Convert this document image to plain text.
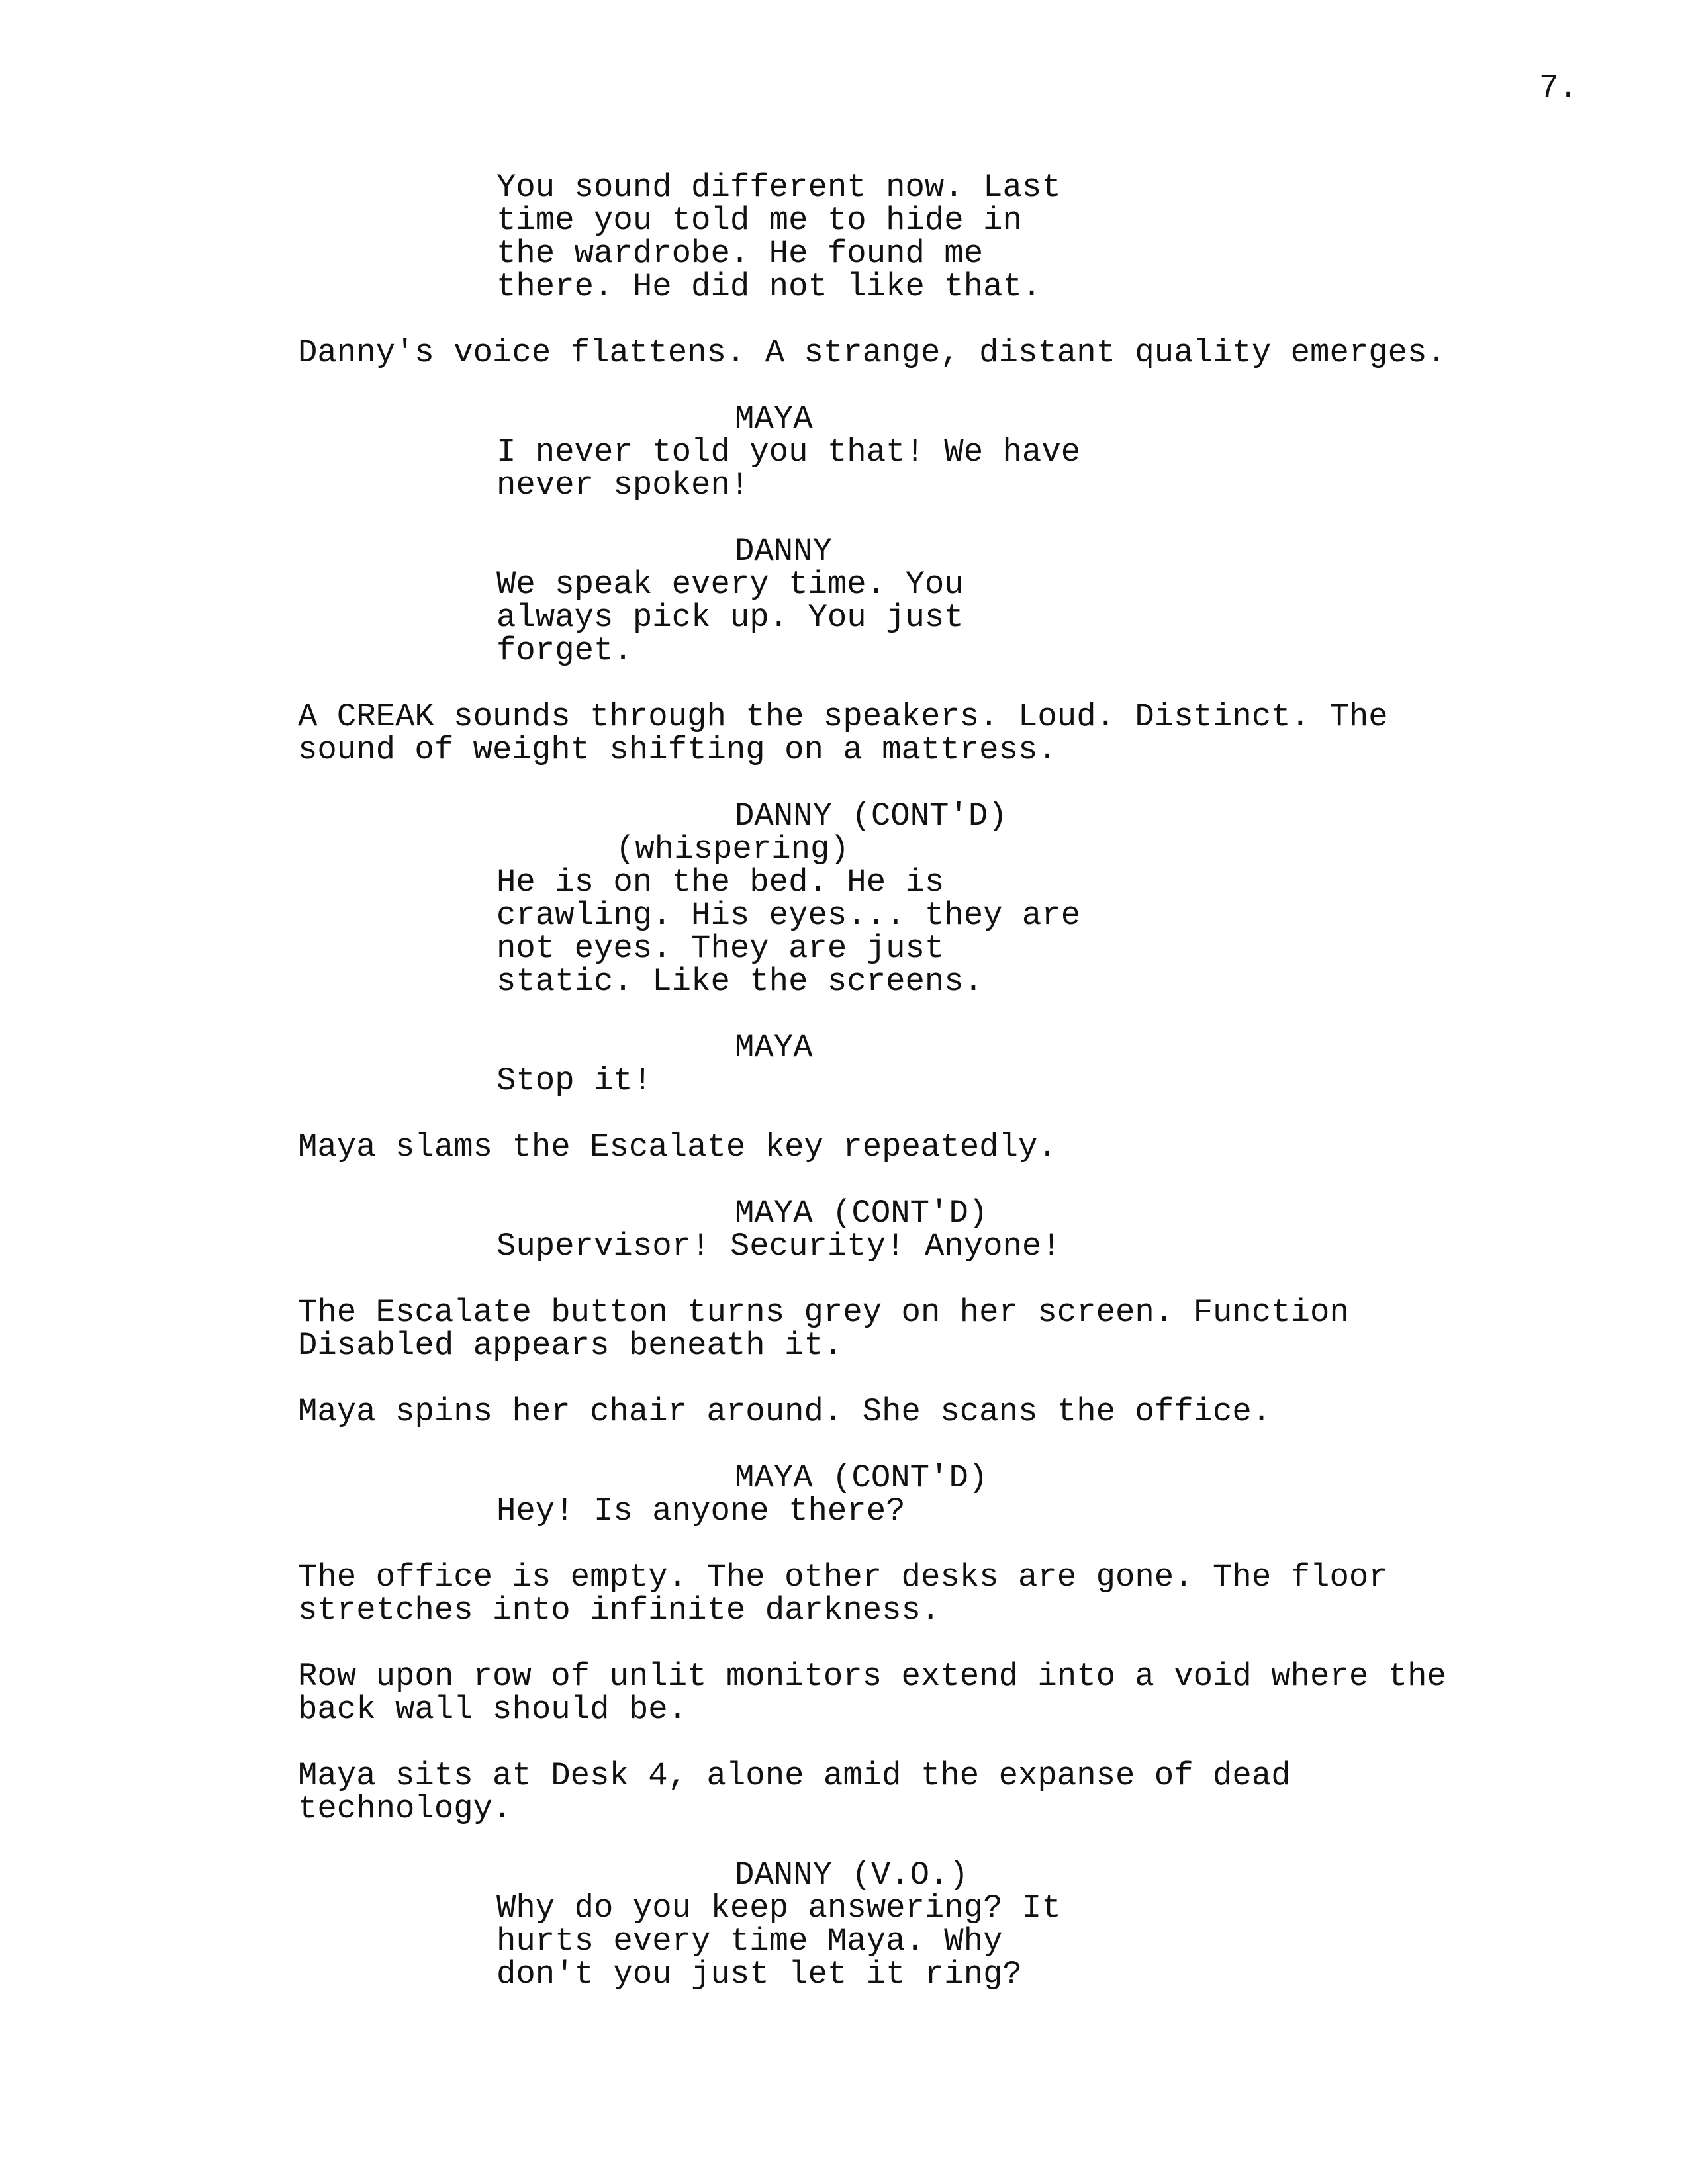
7.
You sound different now. Last
time you told me to hide in
the wardrobe. He found me
there. He did not like that.
Danny's voice flattens. A strange, distant quality emerges.
MAYA
I never told you that! We have
never spoken!
DANNY
We speak every time. You
always pick up. You just
forget.
A CREAK sounds through the speakers. Loud. Distinct. The
sound of weight shifting on a mattress.
DANNY (CONT'D)
(whispering)
He is on the bed. He is
crawling. His eyes... they are
not eyes. They are just
static. Like the screens.
MAYA
Stop it!
Maya slams the Escalate key repeatedly.
MAYA (CONT'D)
Supervisor! Security! Anyone!
The Escalate button turns grey on her screen. Function
Disabled appears beneath it.
Maya spins her chair around. She scans the office.
MAYA (CONT'D)
Hey! Is anyone there?
The office is empty. The other desks are gone. The floor
stretches into infinite darkness.
Row upon row of unlit monitors extend into a void where the
back wall should be.
Maya sits at Desk 4, alone amid the expanse of dead
technology.
DANNY (V.O.)
Why do you keep answering? It
hurts every time Maya. Why
don't you just let it ring?
